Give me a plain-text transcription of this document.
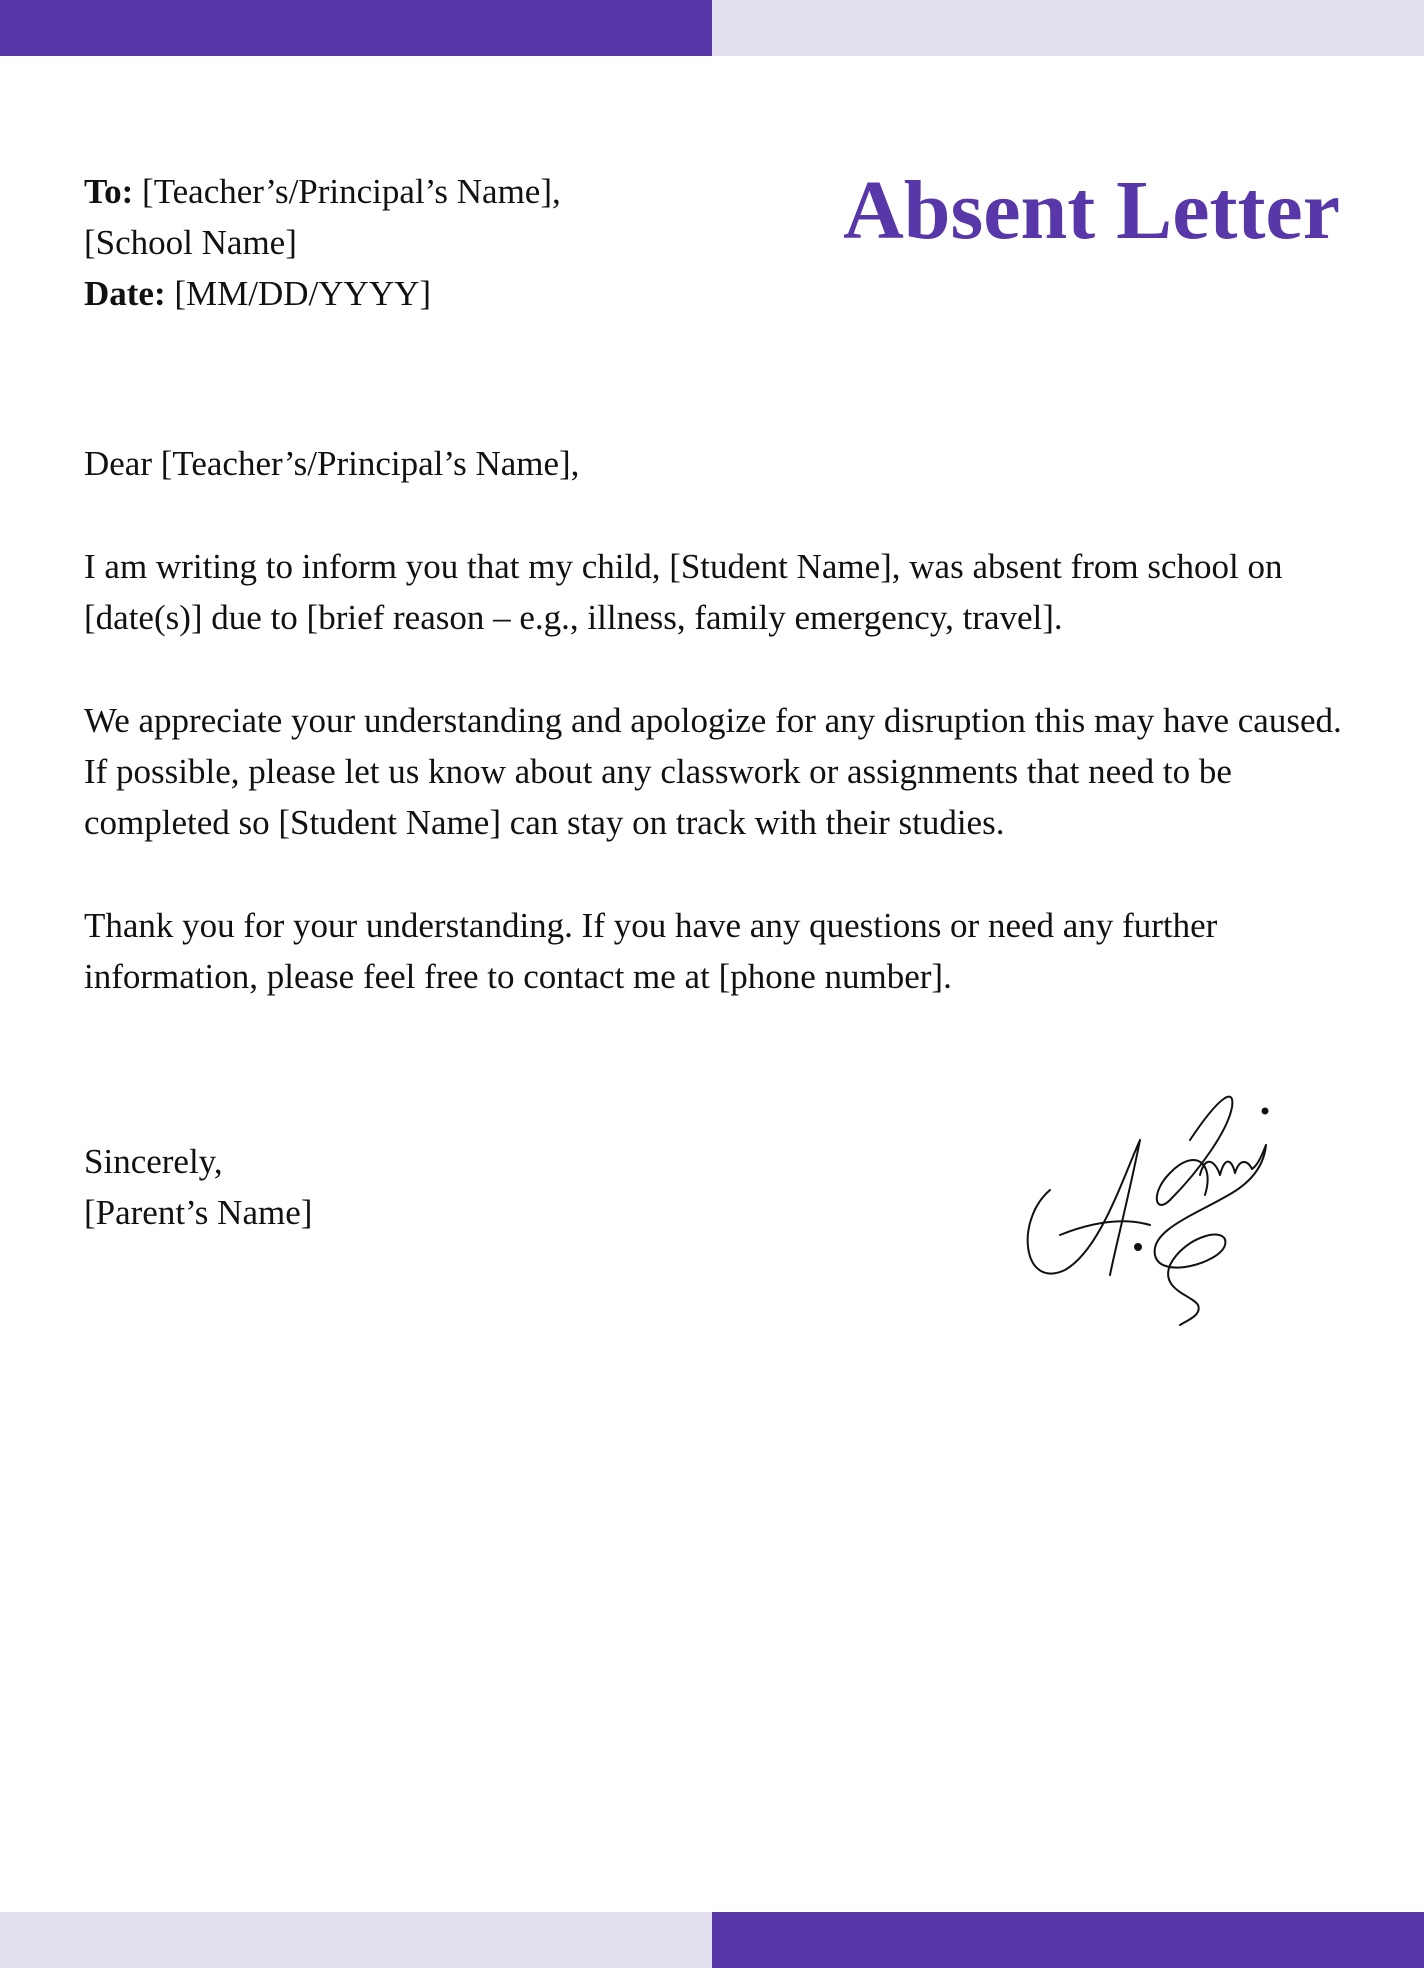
To: [Teacher’s/Principal’s Name],
[School Name]
Date: [MM/DD/YYYY]
Absent Letter

Dear [Teacher’s/Principal’s Name],

I am writing to inform you that my child, [Student Name], was absent from school on [date(s)] due to [brief reason – e.g., illness, family emergency, travel].

We appreciate your understanding and apologize for any disruption this may have caused. If possible, please let us know about any classwork or assignments that need to be completed so [Student Name] can stay on track with their studies.

Thank you for your understanding. If you have any questions or need any further information, please feel free to contact me at [phone number].

Sincerely,
[Parent’s Name]
